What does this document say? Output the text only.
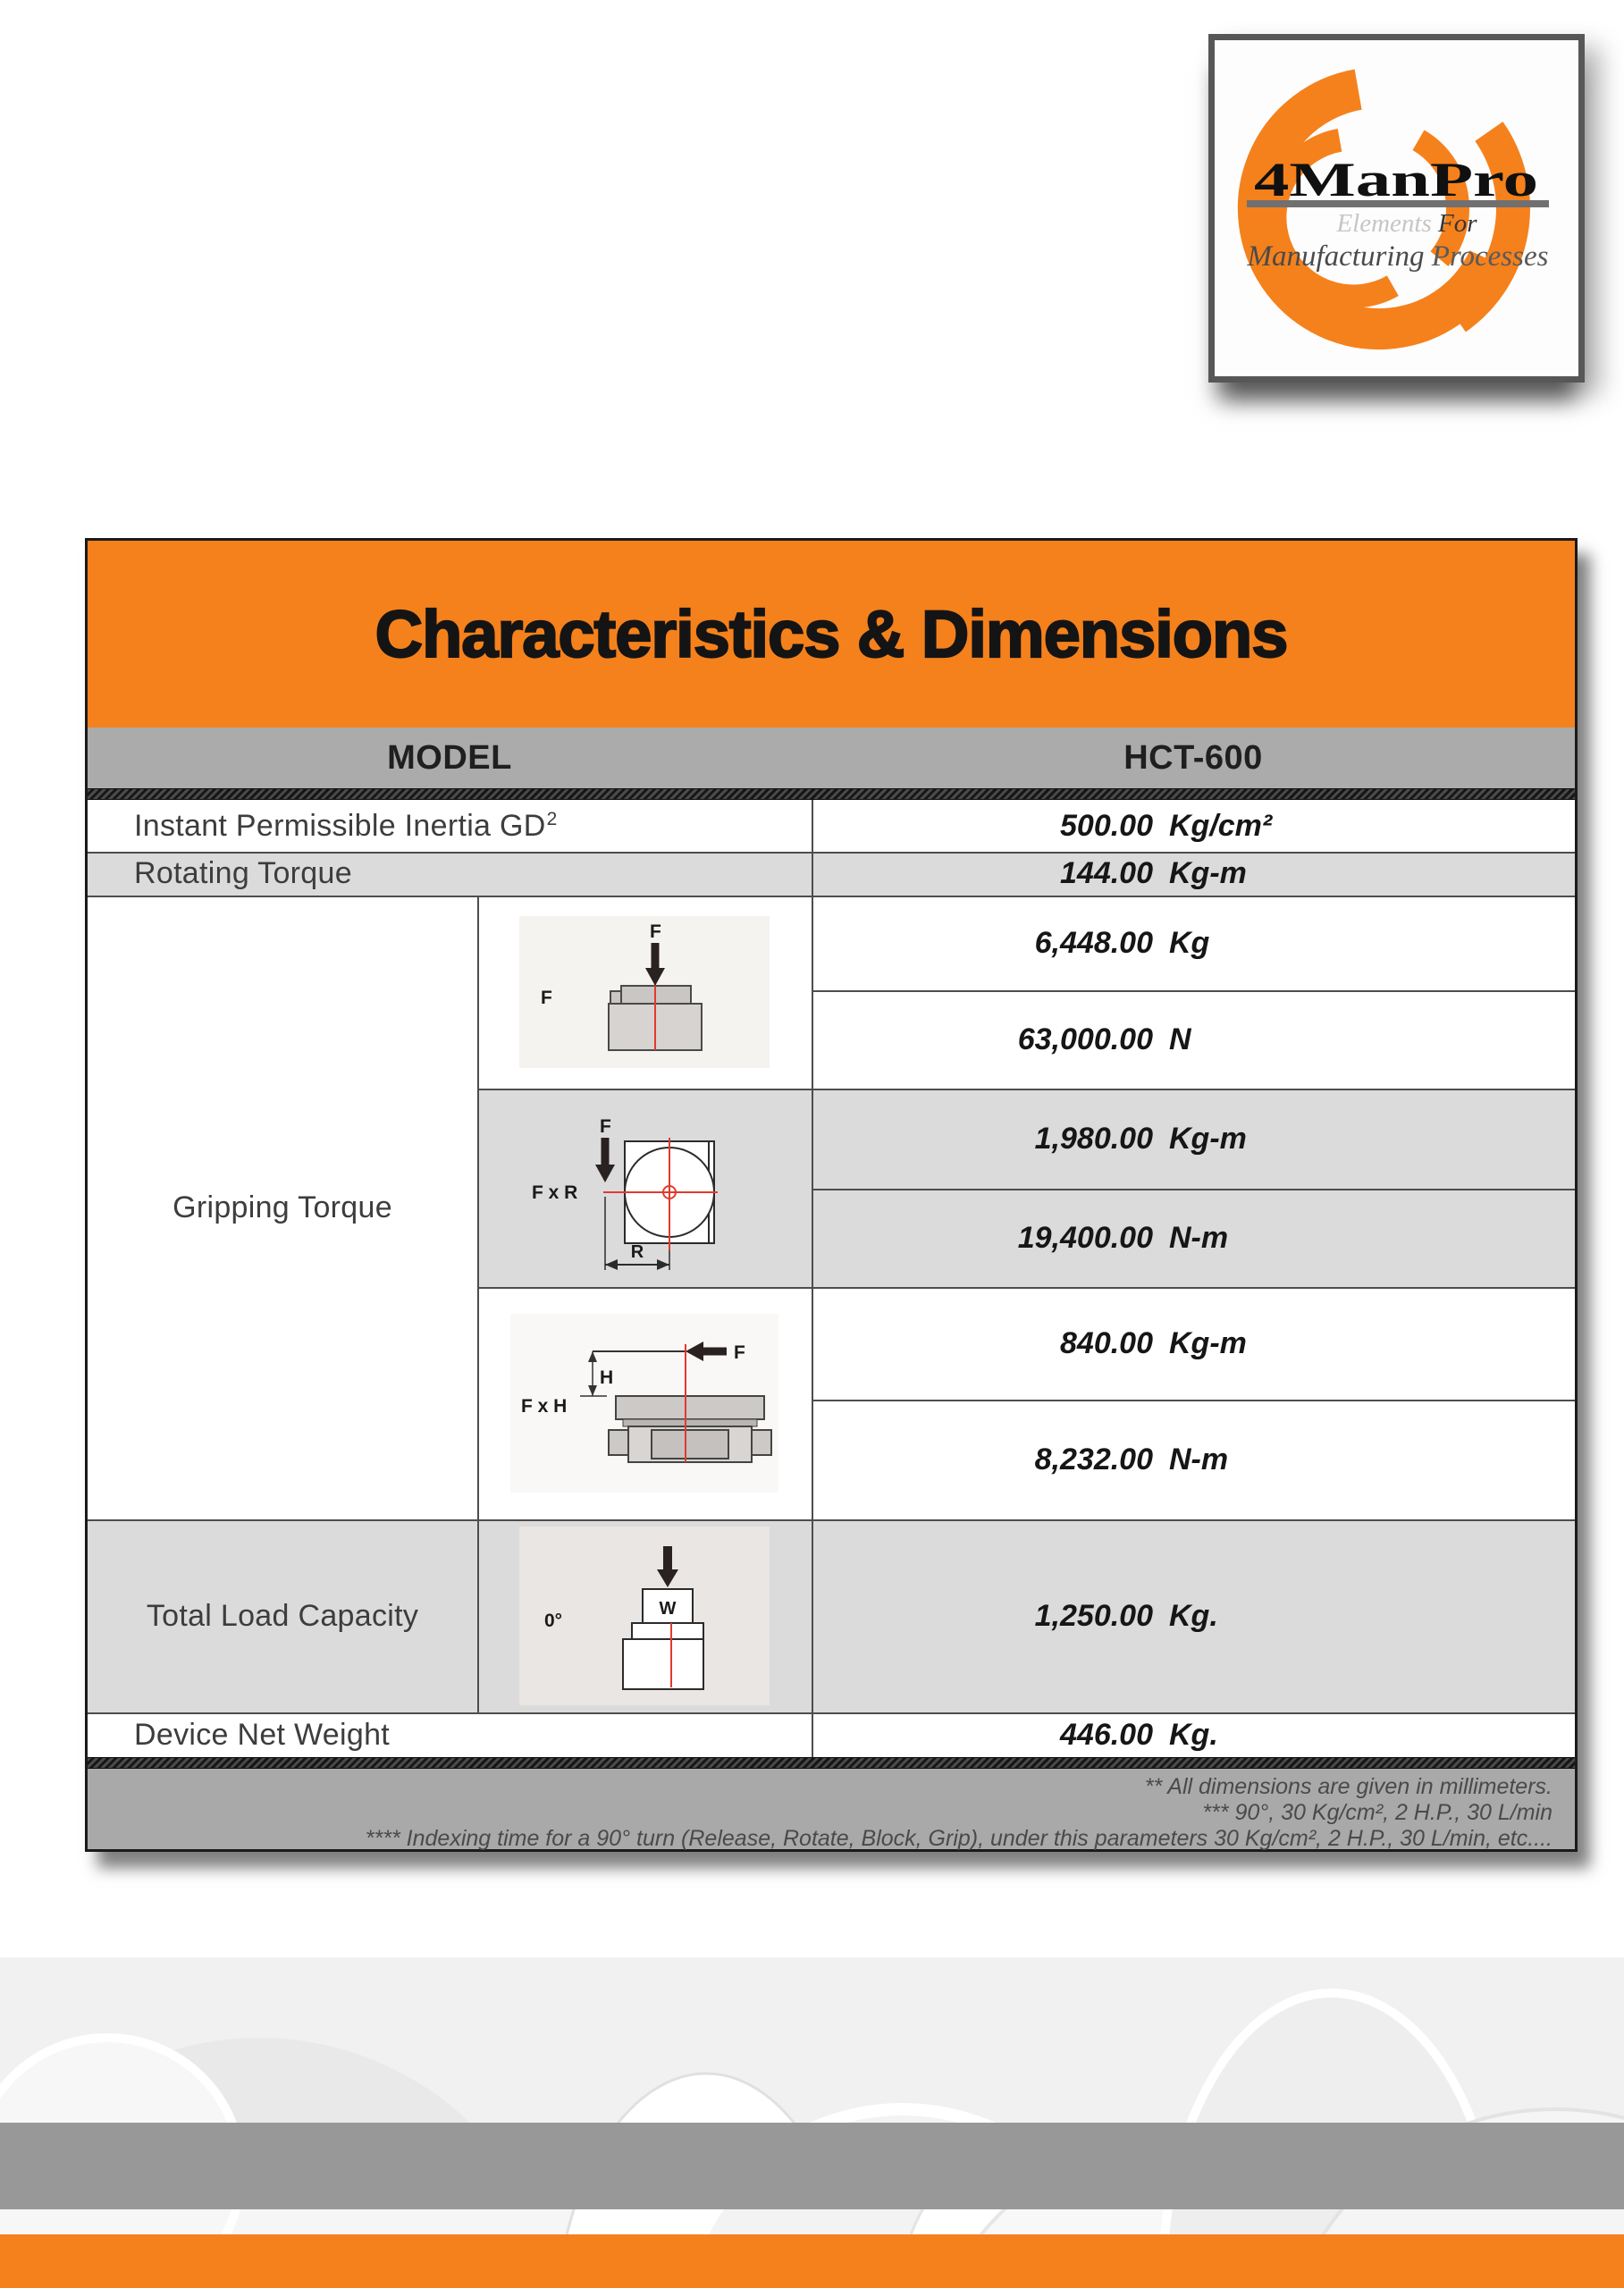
4ManPro
Elements For
Manufacturing Processes
Characteristics & Dimensions
MODEL	HCT-600
Instant Permissible Inertia $GD^2$
Rotating Torque
Gripping Torque
Total Load Capacity
Device Net Weight
500.00 Kg/cm²
144.00 Kg-m
6,448.00 Kg
63,000.00 N
1,980.00 Kg-m
19,400.00 N-m
840.00 Kg-m
8,232.00 N-m
1,250.00 Kg.
446.00 Kg.
F
F
F x R
F
R
F x H
H
F
0°
W
** All dimensions are given in millimeters.
*** 90°, 30 Kg/cm², 2 H.P., 30 L/min
**** Indexing time for a 90° turn (Release, Rotate, Block, Grip), under this parameters 30 Kg/cm², 2 H.P., 30 L/min, etc....
